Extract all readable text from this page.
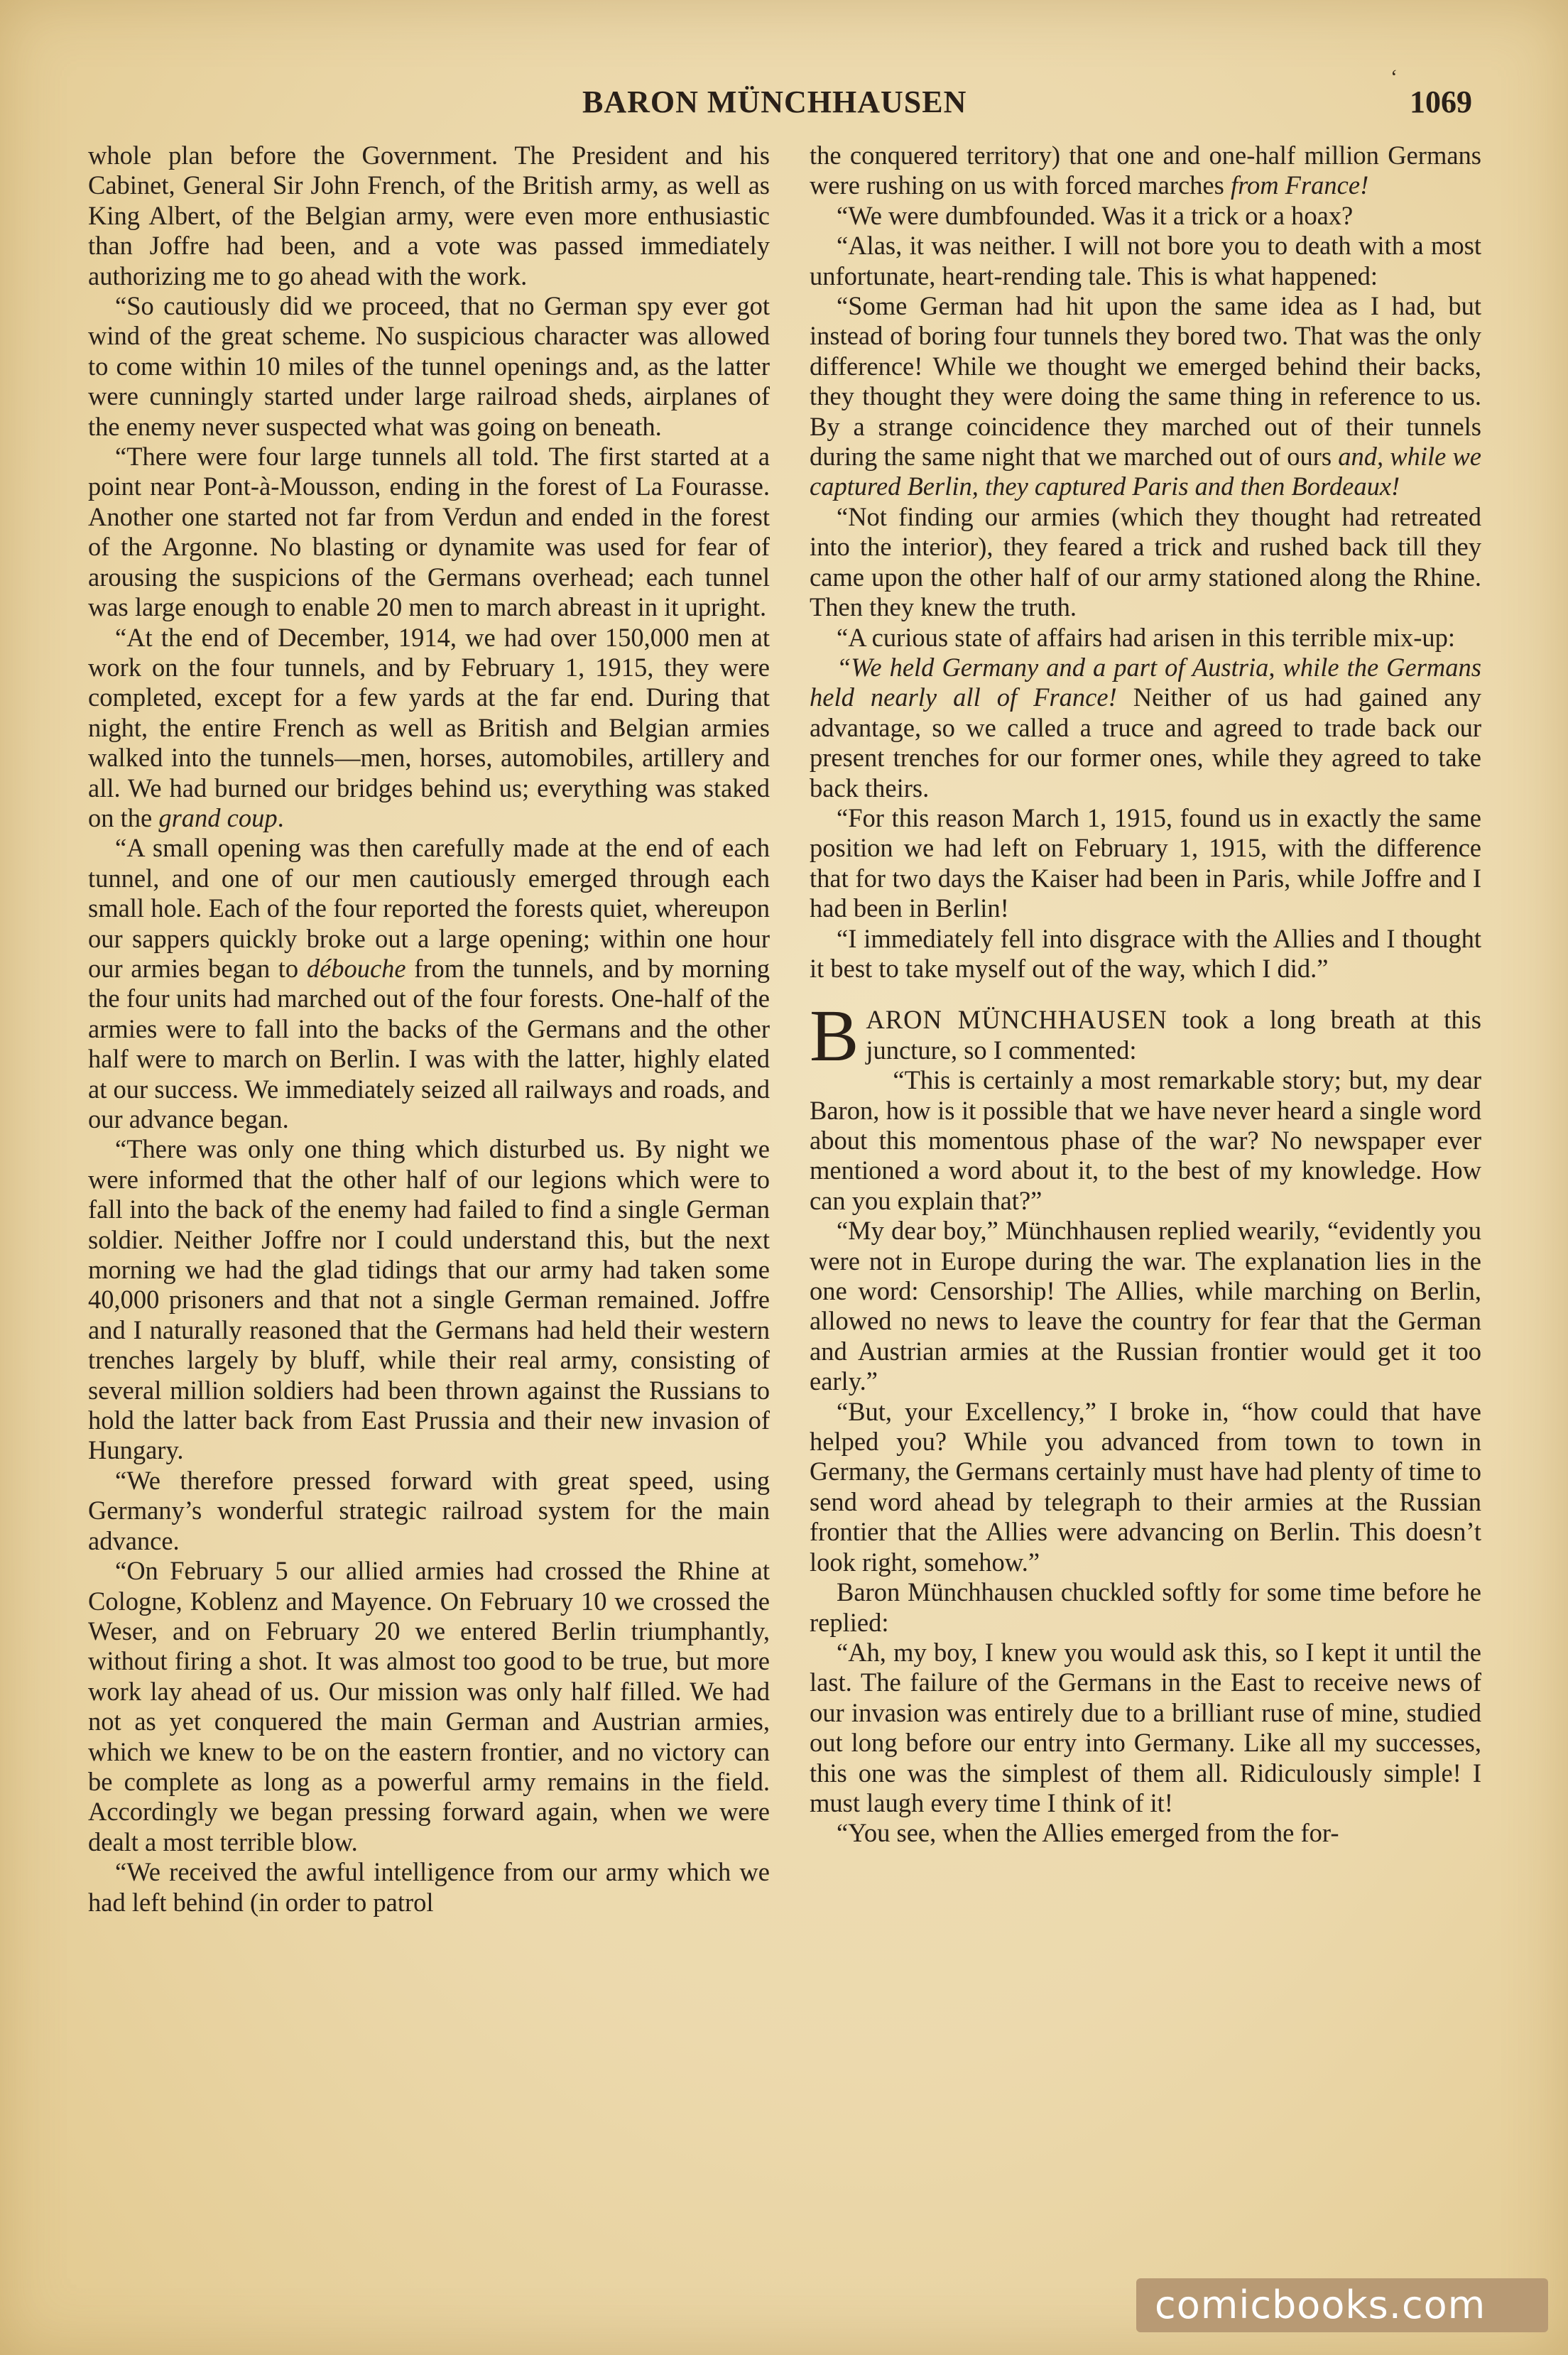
ʻ
BARON MÜNCHHAUSEN	1069

whole plan before the Government. The President and his Cabinet, General Sir John French, of the British army, as well as King Albert, of the Belgian army, were even more enthusiastic than Joffre had been, and a vote was passed immediately authorizing me to go ahead with the work.

“So cautiously did we proceed, that no German spy ever got wind of the great scheme. No suspicious character was allowed to come within 10 miles of the tunnel openings and, as the latter were cunningly started under large railroad sheds, airplanes of the enemy never suspected what was going on beneath.

“There were four large tunnels all told. The first started at a point near Pont-à-Mousson, ending in the forest of La Fourasse. Another one started not far from Verdun and ended in the forest of the Argonne. No blasting or dynamite was used for fear of arousing the suspicions of the Germans overhead; each tunnel was large enough to enable 20 men to march abreast in it upright.

“At the end of December, 1914, we had over 150,000 men at work on the four tunnels, and by February 1, 1915, they were completed, except for a few yards at the far end. During that night, the entire French as well as British and Belgian armies walked into the tunnels—men, horses, automobiles, artillery and all. We had burned our bridges behind us; everything was staked on the grand coup.

“A small opening was then carefully made at the end of each tunnel, and one of our men cautiously emerged through each small hole. Each of the four reported the forests quiet, whereupon our sappers quickly broke out a large opening; within one hour our armies began to débouche from the tunnels, and by morning the four units had marched out of the four forests. One-half of the armies were to fall into the backs of the Germans and the other half were to march on Berlin. I was with the latter, highly elated at our success. We immediately seized all railways and roads, and our advance began.

“There was only one thing which disturbed us. By night we were informed that the other half of our legions which were to fall into the back of the enemy had failed to find a single German soldier. Neither Joffre nor I could understand this, but the next morning we had the glad tidings that our army had taken some 40,000 prisoners and that not a single German remained. Joffre and I naturally reasoned that the Germans had held their western trenches largely by bluff, while their real army, consisting of several million soldiers had been thrown against the Russians to hold the latter back from East Prussia and their new invasion of Hungary.

“We therefore pressed forward with great speed, using Germany’s wonderful strategic railroad system for the main advance.

“On February 5 our allied armies had crossed the Rhine at Cologne, Koblenz and Mayence. On February 10 we crossed the Weser, and on February 20 we entered Berlin triumphantly, without firing a shot. It was almost too good to be true, but more work lay ahead of us. Our mission was only half filled. We had not as yet conquered the main German and Austrian armies, which we knew to be on the eastern frontier, and no victory can be complete as long as a powerful army remains in the field. Accordingly we began pressing forward again, when we were dealt a most terrible blow.

“We received the awful intelligence from our army which we had left behind (in order to patrol

the conquered territory) that one and one-half million Germans were rushing on us with forced marches from France!

“We were dumbfounded. Was it a trick or a hoax?

“Alas, it was neither. I will not bore you to death with a most unfortunate, heart-rending tale. This is what happened:

“Some German had hit upon the same idea as I had, but instead of boring four tunnels they bored two. That was the only difference! While we thought we emerged behind their backs, they thought they were doing the same thing in reference to us. By a strange coincidence they marched out of their tunnels during the same night that we marched out of ours and, while we captured Berlin, they captured Paris and then Bordeaux!

“Not finding our armies (which they thought had retreated into the interior), they feared a trick and rushed back till they came upon the other half of our army stationed along the Rhine. Then they knew the truth.

“A curious state of affairs had arisen in this terrible mix-up:

“We held Germany and a part of Austria, while the Germans held nearly all of France! Neither of us had gained any advantage, so we called a truce and agreed to trade back our present trenches for our former ones, while they agreed to take back theirs.

“For this reason March 1, 1915, found us in exactly the same position we had left on February 1, 1915, with the difference that for two days the Kaiser had been in Paris, while Joffre and I had been in Berlin!

“I immediately fell into disgrace with the Allies and I thought it best to take myself out of the way, which I did.”

BARON MÜNCHHAUSEN took a long breath at this juncture, so I commented:

“This is certainly a most remarkable story; but, my dear Baron, how is it possible that we have never heard a single word about this momentous phase of the war? No newspaper ever mentioned a word about it, to the best of my knowledge. How can you explain that?”

“My dear boy,” Münchhausen replied wearily, “evidently you were not in Europe during the war. The explanation lies in the one word: Censorship! The Allies, while marching on Berlin, allowed no news to leave the country for fear that the German and Austrian armies at the Russian frontier would get it too early.”

“But, your Excellency,” I broke in, “how could that have helped you? While you advanced from town to town in Germany, the Germans certainly must have had plenty of time to send word ahead by telegraph to their armies at the Russian frontier that the Allies were advancing on Berlin. This doesn’t look right, somehow.”

Baron Münchhausen chuckled softly for some time before he replied:

“Ah, my boy, I knew you would ask this, so I kept it until the last. The failure of the Germans in the East to receive news of our invasion was entirely due to a brilliant ruse of mine, studied out long before our entry into Germany. Like all my successes, this one was the simplest of them all. Ridiculously simple! I must laugh every time I think of it!

“You see, when the Allies emerged from the for-

comicbooks.com
